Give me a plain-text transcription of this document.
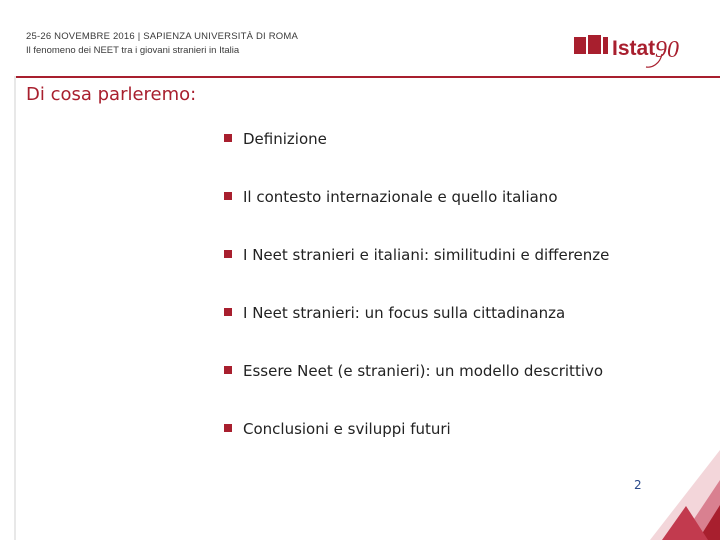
25-26 NOVEMBRE 2016 | SAPIENZA UNIVERSITÀ DI ROMA
Il fenomeno dei NEET tra i giovani stranieri in Italia	Istat 90
Di cosa parleremo:
Definizione
Il contesto internazionale e quello italiano
I Neet stranieri e italiani: similitudini e differenze
I Neet stranieri: un focus sulla cittadinanza
Essere Neet (e stranieri): un modello descrittivo
Conclusioni e sviluppi futuri
2
